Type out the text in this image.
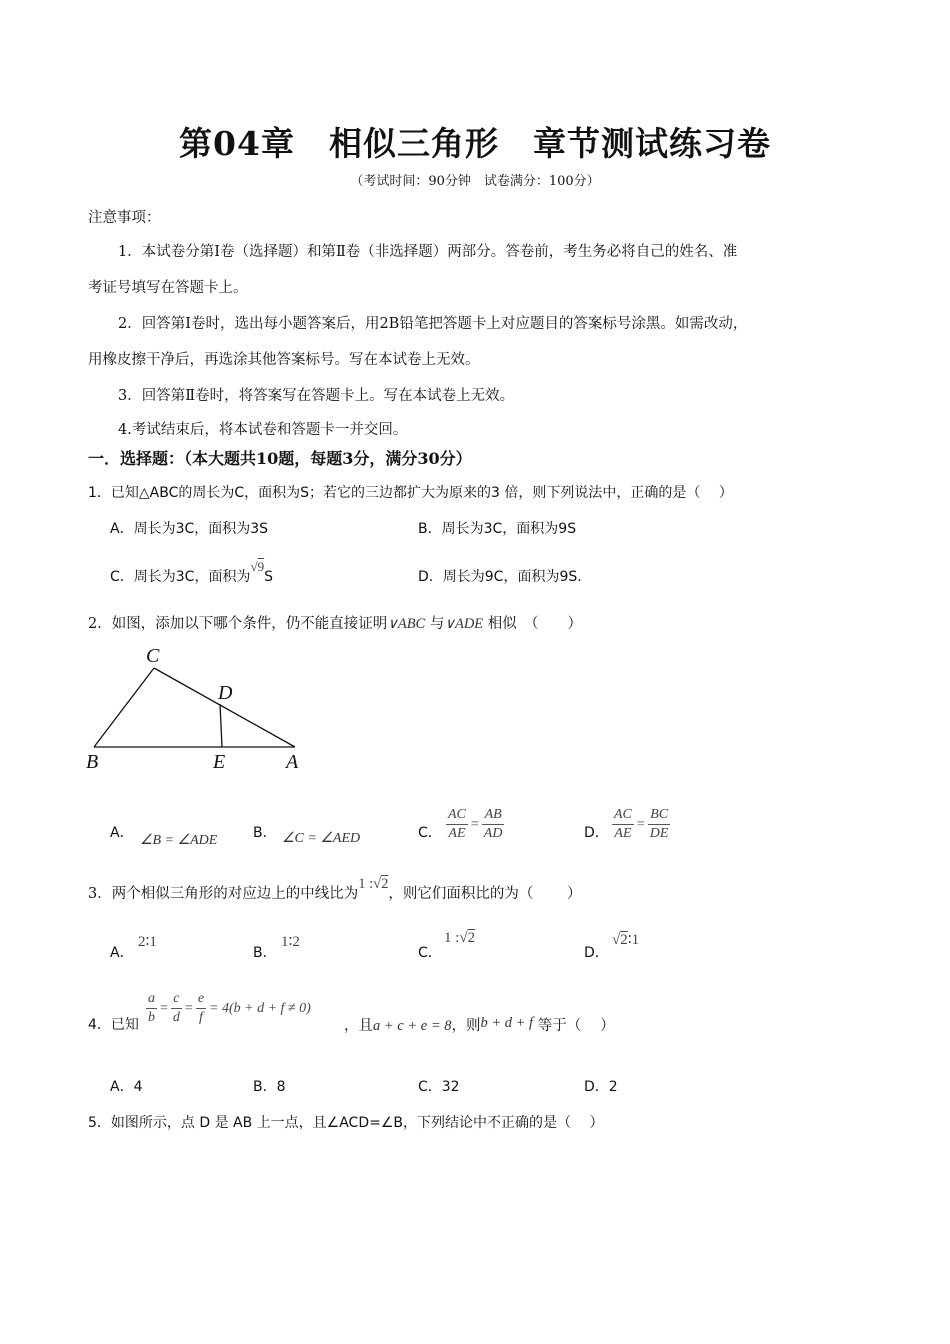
第04章　相似三角形　章节测试练习卷
（考试时间：90分钟　试卷满分：100分）
注意事项：
1．本试卷分第Ⅰ卷（选择题）和第Ⅱ卷（非选择题）两部分。答卷前，考生务必将自己的姓名、准
考证号填写在答题卡上。
2．回答第Ⅰ卷时，选出每小题答案后，用2B铅笔把答题卡上对应题目的答案标号涂黑。如需改动，
用橡皮擦干净后，再选涂其他答案标号。写在本试卷上无效。
3．回答第Ⅱ卷时，将答案写在答题卡上。写在本试卷上无效。
4.考试结束后，将本试卷和答题卡一并交回。
一．选择题：（本大题共10题，每题3分，满分30分）
1．已知△ABC的周长为C，面积为S；若它的三边都扩大为原来的3 倍，则下列说法中，正确的是（　 ）
A．周长为3C，面积为3S	B．周长为3C，面积为9S
C．周长为3C，面积为√9S	D．周长为9C，面积为9S.
2．如图，添加以下哪个条件，仍不能直接证明∨ABC 与∨ADE 相似　（　　）
C
D
B	E	A
A． ∠B = ∠ADE	B． ∠C = ∠AED	C． $\frac{AC}{AE} = \frac{AB}{AD}$	D． $\frac{AC}{AE} = \frac{BC}{DE}$
3．两个相似三角形的对应边上的中线比为1 :√2，则它们面积比的为（　　 ）
A．
2∶1
B．
1∶2
C．
1 :√2
D．
√2∶1
4．已知 $\frac{a}{b} = \frac{c}{d} = \frac{e}{f} = 4(b + d + f \ne 0)$
，且a + c + e = 8，则b + d + f 等于（　 ）
A．4	B．8	C．32	D．2
5．如图所示，点 D 是 AB 上一点，且∠ACD=∠B，下列结论中不正确的是（　 ）
